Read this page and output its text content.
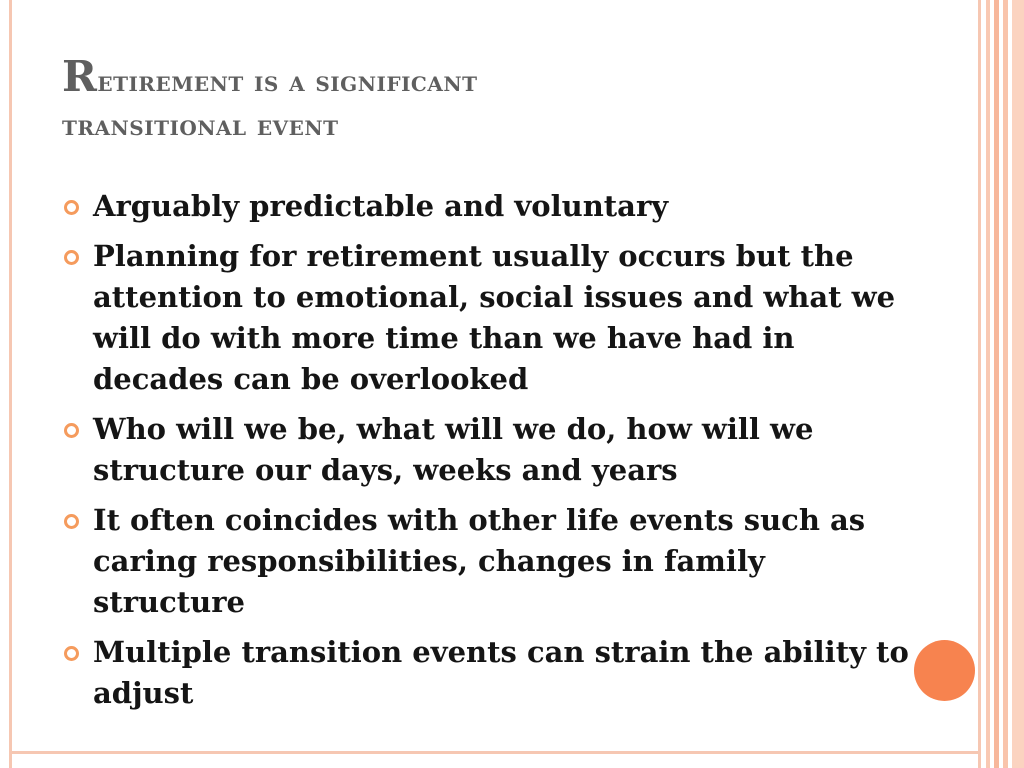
Retirement is a significant
transitional event
Arguably predictable and voluntary
Planning for retirement usually occurs but the attention to emotional, social issues and what we will do with more time than we have had in decades can be overlooked
Who will we be, what will we do, how will we structure our days, weeks and years
It often coincides with other life events such as caring responsibilities, changes in family structure
Multiple transition events can strain the ability to adjust
